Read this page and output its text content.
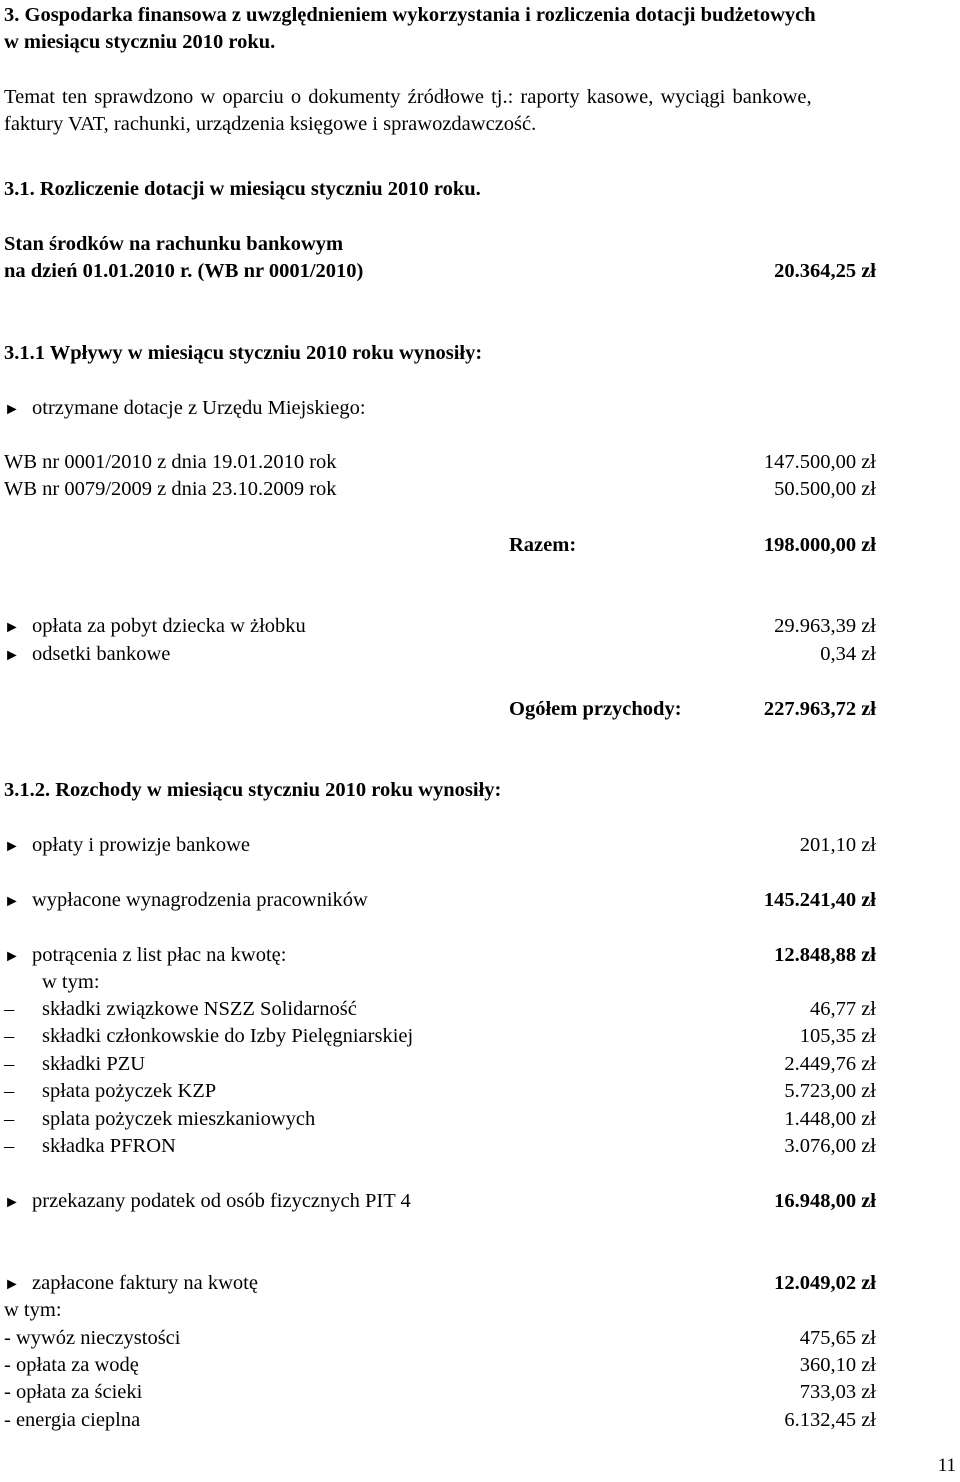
3. Gospodarka finansowa z uwzględnieniem wykorzystania i rozliczenia dotacji budżetowych
w miesiącu styczniu 2010 roku.
Temat ten sprawdzono w oparciu o dokumenty źródłowe tj.: raporty kasowe, wyciągi bankowe,
faktury VAT, rachunki, urządzenia księgowe i sprawozdawczość.
3.1. Rozliczenie dotacji w miesiącu styczniu 2010 roku.
Stan środków na rachunku bankowym
na dzień 01.01.2010 r. (WB nr 0001/2010)	20.364,25 zł
3.1.1 Wpływy w miesiącu styczniu 2010 roku wynosiły:
► otrzymane dotacje z Urzędu Miejskiego:
WB nr 0001/2010 z dnia 19.01.2010 rok	147.500,00 zł
WB nr 0079/2009 z dnia 23.10.2009 rok	50.500,00 zł
Razem:	198.000,00 zł
► opłata za pobyt dziecka w żłobku	29.963,39 zł
► odsetki bankowe	0,34 zł
Ogółem przychody:	227.963,72 zł
3.1.2. Rozchody w miesiącu styczniu 2010 roku wynosiły:
► opłaty i prowizje bankowe	201,10 zł
► wypłacone wynagrodzenia pracowników	145.241,40 zł
► potrącenia z list płac na kwotę:	12.848,88 zł
w tym:
– składki związkowe NSZZ Solidarność	46,77 zł
– składki członkowskie do Izby Pielęgniarskiej	105,35 zł
– składki PZU	2.449,76 zł
– spłata pożyczek KZP	5.723,00 zł
– splata pożyczek mieszkaniowych	1.448,00 zł
– składka PFRON	3.076,00 zł
► przekazany podatek od osób fizycznych PIT 4	16.948,00 zł
► zapłacone faktury na kwotę	12.049,02 zł
w tym:
- wywóz nieczystości	475,65 zł
- opłata za wodę	360,10 zł
- opłata za ścieki	733,03 zł
- energia cieplna	6.132,45 zł
11
